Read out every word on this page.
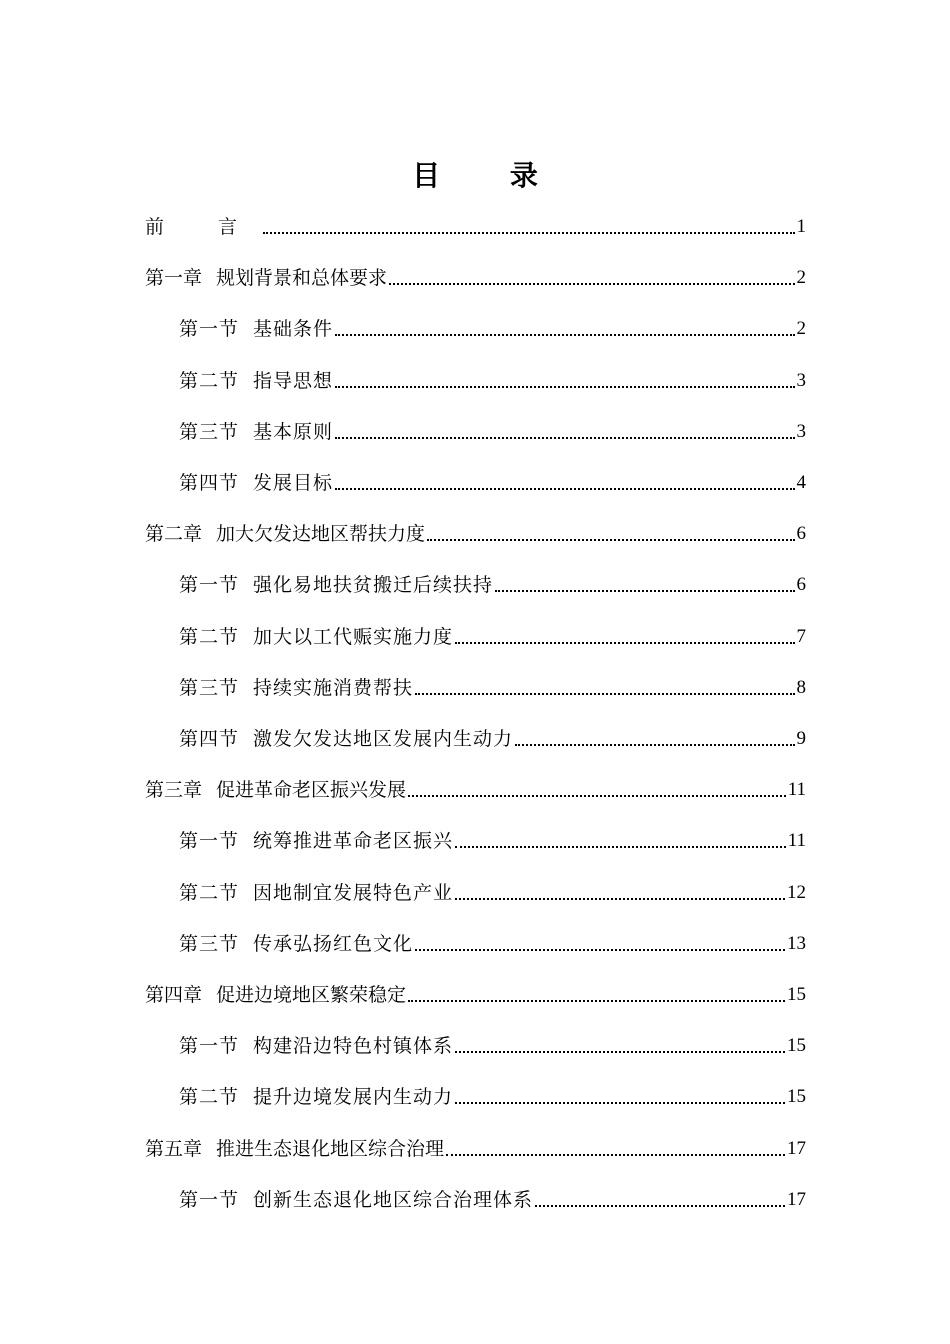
目 录
前 言	1
第一章 规划背景和总体要求	2
第一节 基础条件	2
第二节 指导思想	3
第三节 基本原则	3
第四节 发展目标	4
第二章 加大欠发达地区帮扶力度	6
第一节 强化易地扶贫搬迁后续扶持	6
第二节 加大以工代赈实施力度	7
第三节 持续实施消费帮扶	8
第四节 激发欠发达地区发展内生动力	9
第三章 促进革命老区振兴发展	11
第一节 统筹推进革命老区振兴	11
第二节 因地制宜发展特色产业	12
第三节 传承弘扬红色文化	13
第四章 促进边境地区繁荣稳定	15
第一节 构建沿边特色村镇体系	15
第二节 提升边境发展内生动力	15
第五章 推进生态退化地区综合治理	17
第一节 创新生态退化地区综合治理体系	17
